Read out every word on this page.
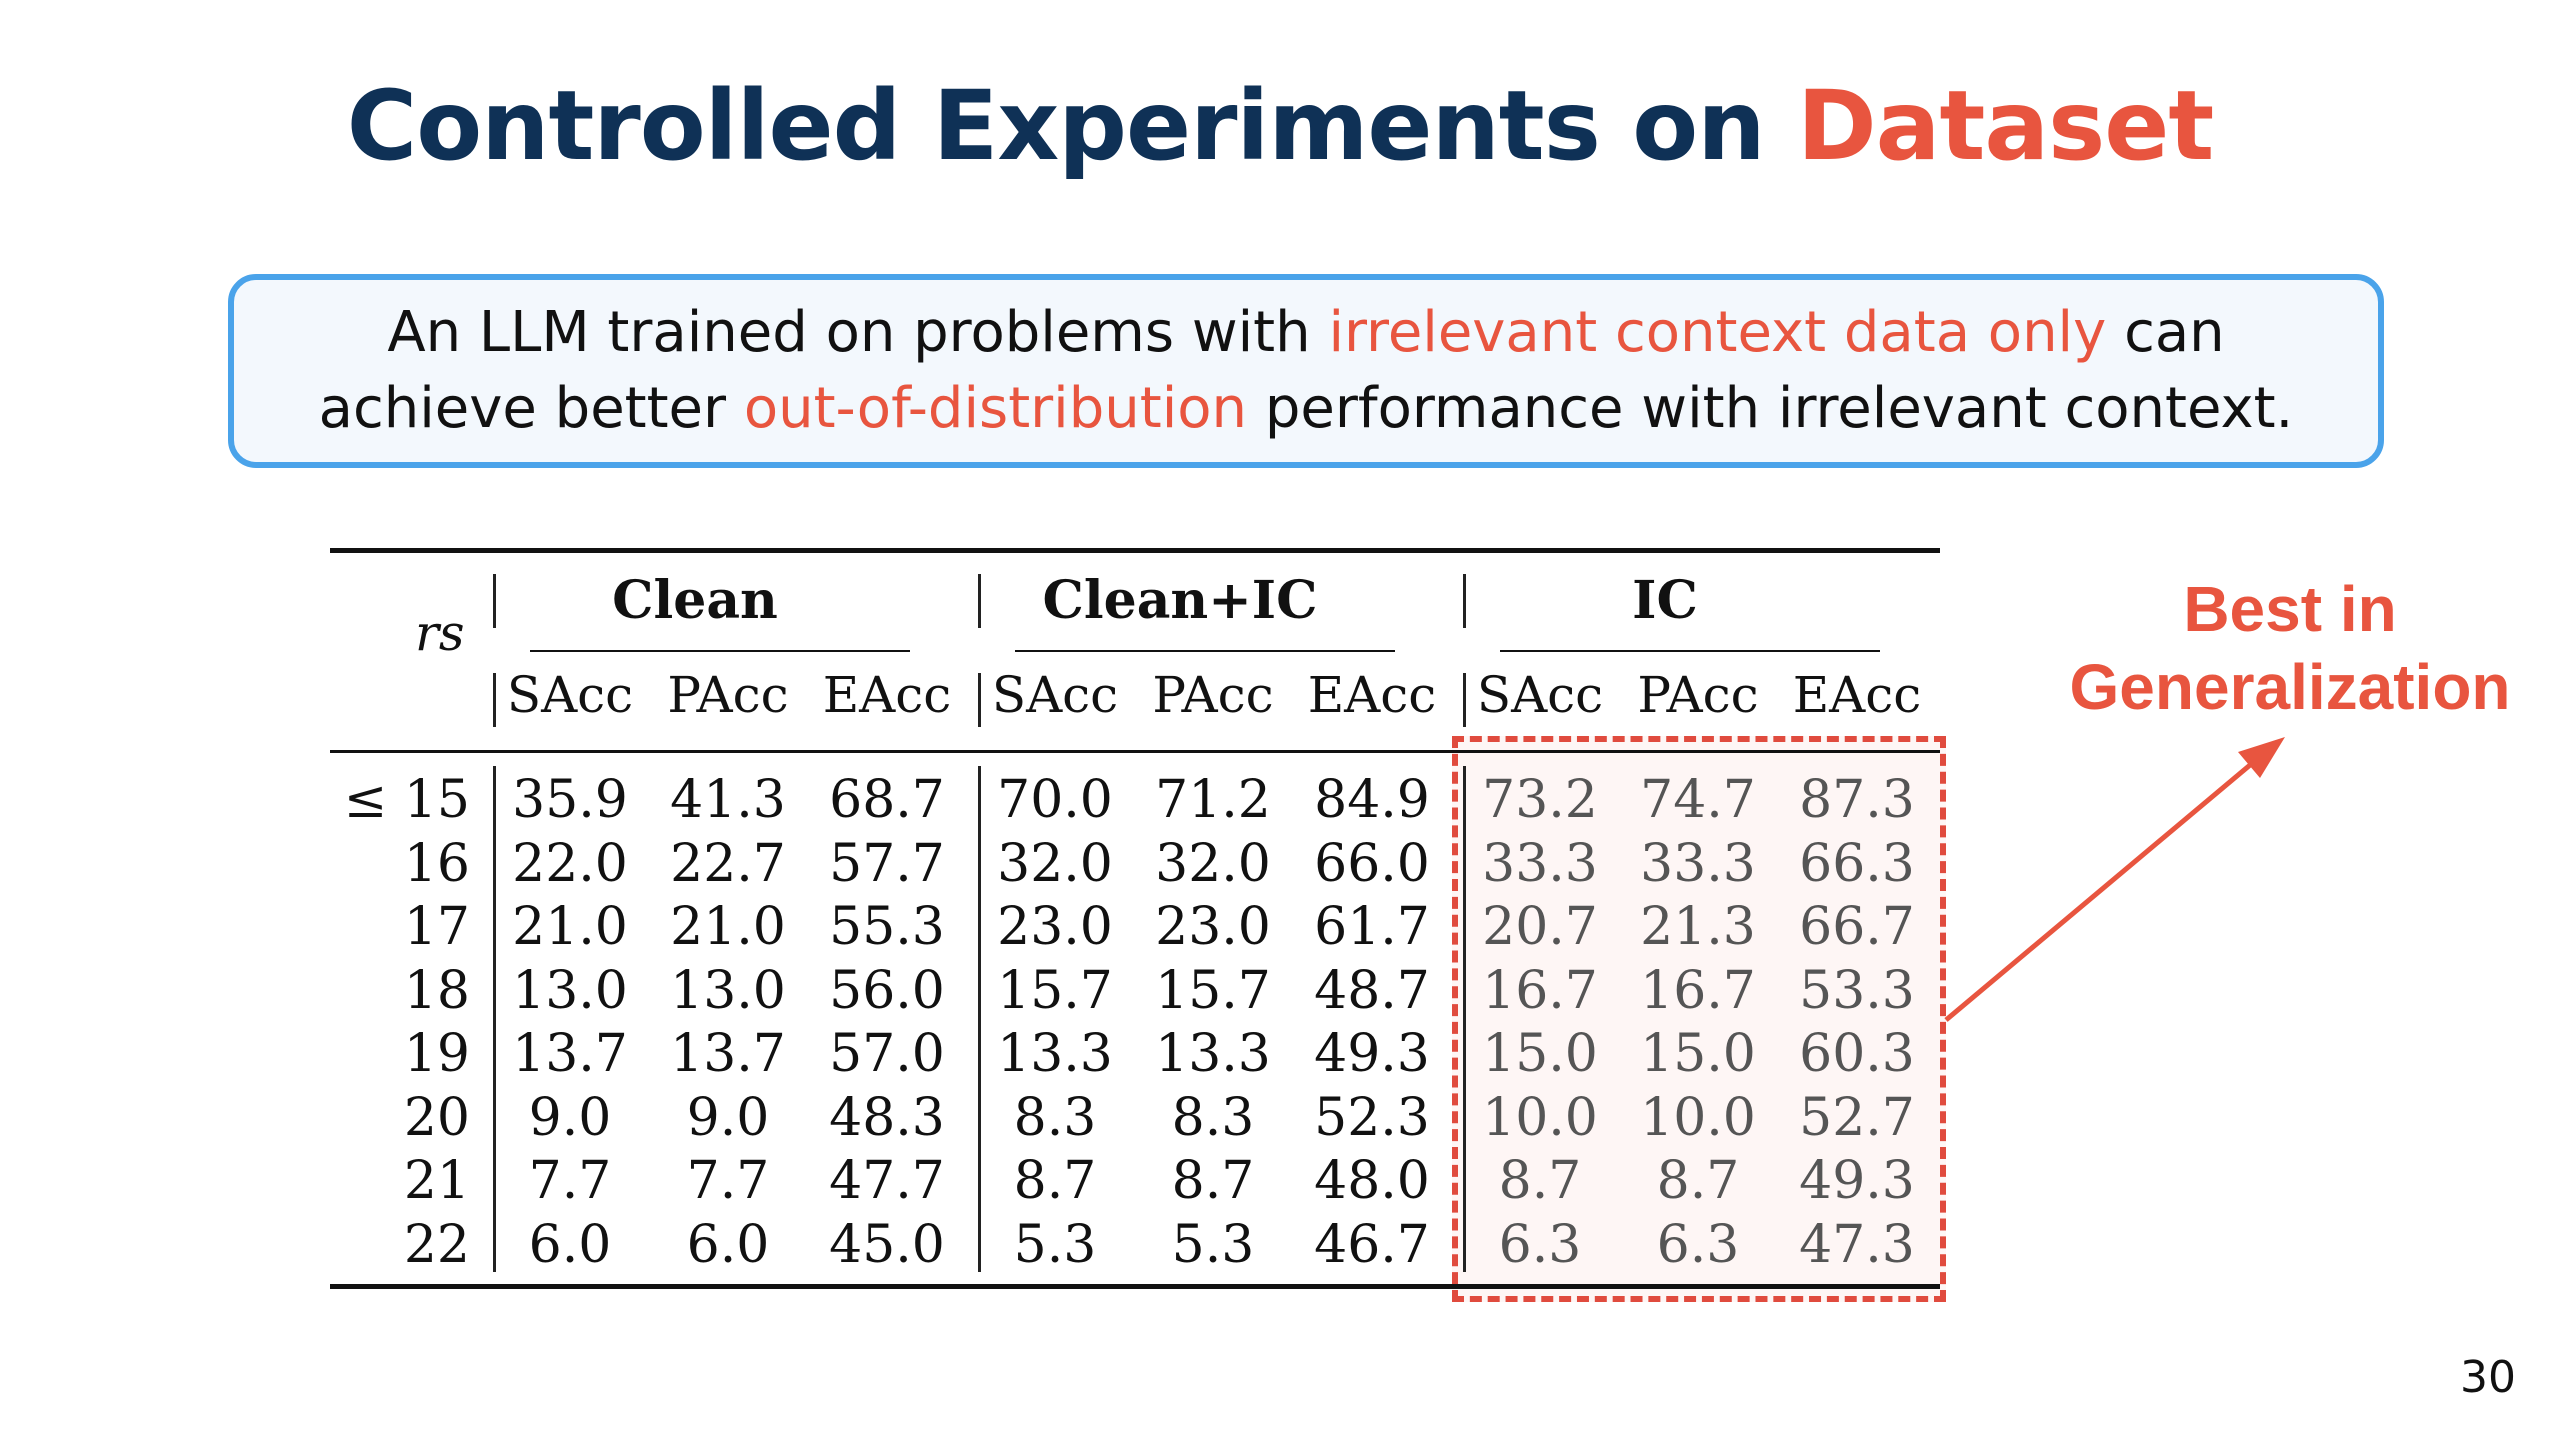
Controlled Experiments on Dataset
An LLM trained on problems with irrelevant context data only can
achieve better out-of-distribution performance with irrelevant context.
rs
Clean	Clean+IC	IC
SAcc PAcc EAcc SAcc PAcc EAcc SAcc PAcc EAcc
≤ 15 35.9 41.3 68.7	70.0 71.2 84.9	73.2 74.7 87.3
16 22.0 22.7 57.7	32.0 32.0 66.0	33.3 33.3 66.3
17 21.0 21.0 55.3	23.0 23.0 61.7	20.7 21.3 66.7
18 13.0 13.0 56.0	15.7 15.7 48.7	16.7 16.7 53.3
19 13.7 13.7 57.0	13.3 13.3 49.3	15.0 15.0 60.3
20	9.0	9.0	48.3	8.3	8.3	52.3	10.0 10.0 52.7
21	7.7	7.7	47.7	8.7	8.7	48.0	8.7	8.7	49.3
22	6.0	6.0	45.0	5.3	5.3	46.7	6.3	6.3	47.3
Best in
Generalization
30
